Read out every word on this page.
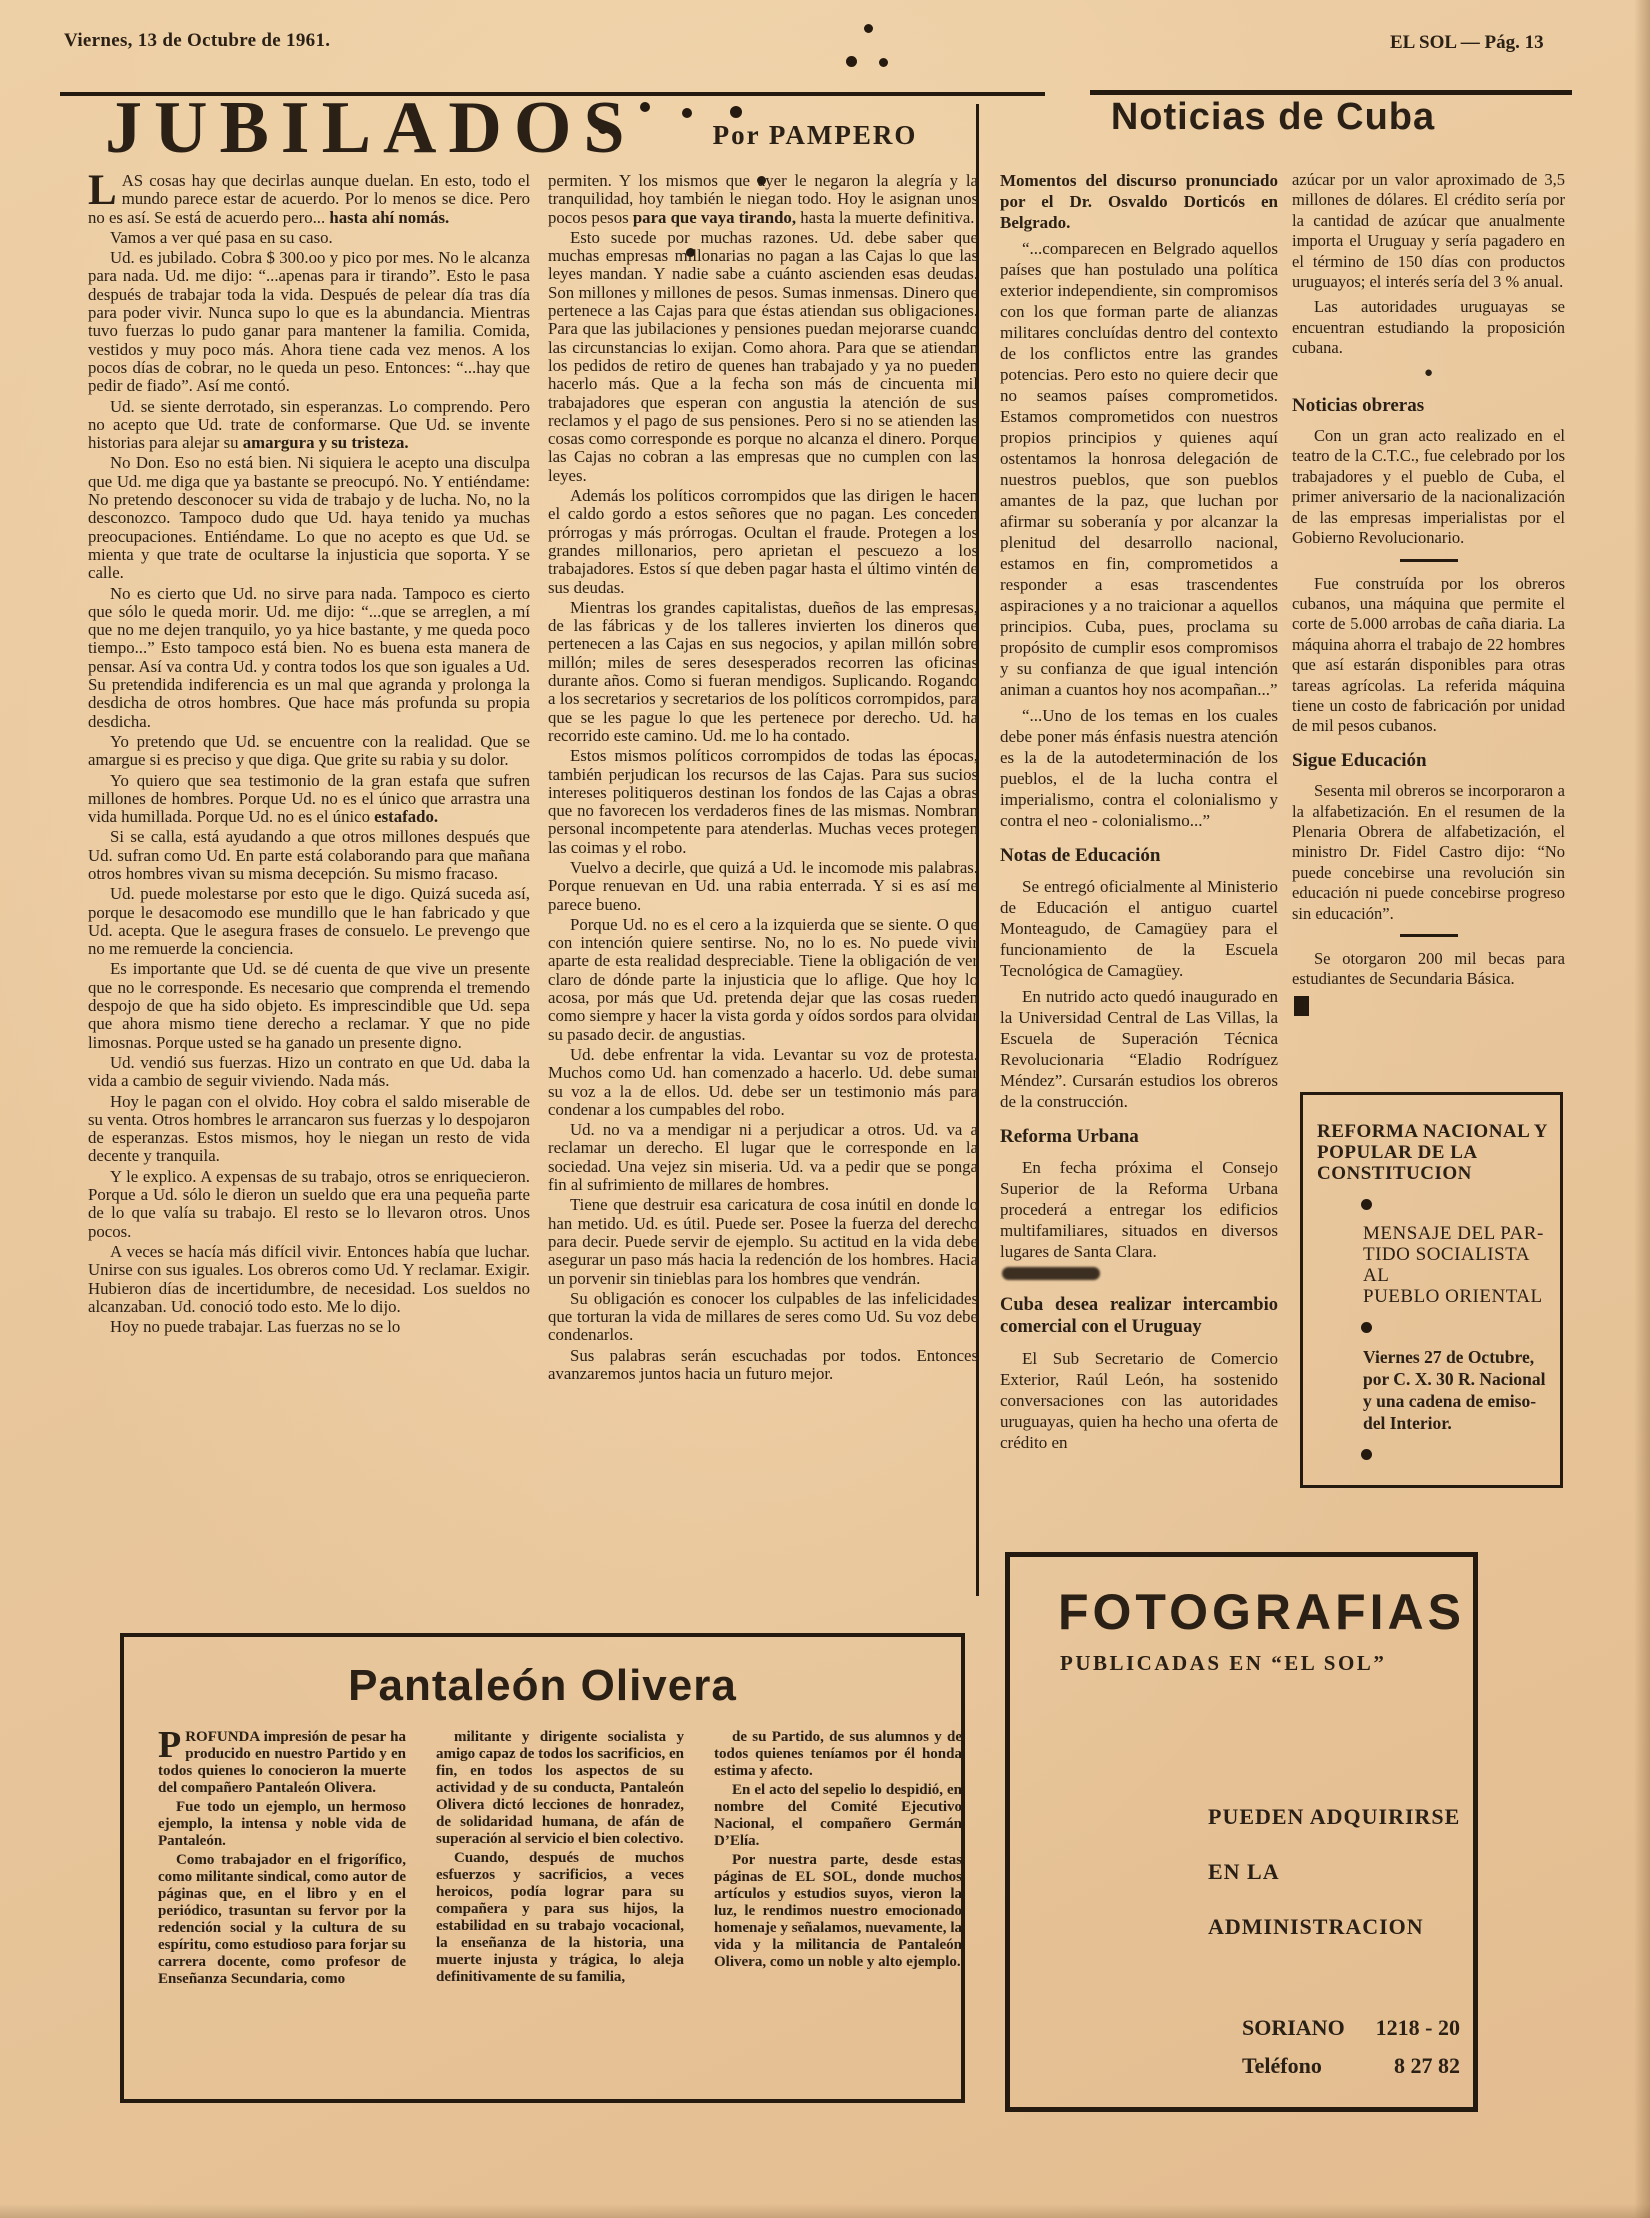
Viernes, 13 de Octubre de 1961.	EL SOL — Pág. 13
JUBILADOS	Por PAMPERO

LAS cosas hay que decirlas aunque duelan. En esto, todo el mundo parece estar de acuerdo. Por lo menos se dice. Pero no es así. Se está de acuerdo pero... hasta ahí nomás.

Vamos a ver qué pasa en su caso.

Ud. es jubilado. Cobra $ 300.oo y pico por mes. No le alcanza para nada. Ud. me dijo: “...apenas para ir tirando”. Esto le pasa después de trabajar toda la vida. Después de pelear día tras día para poder vivir. Nunca supo lo que es la abundancia. Mientras tuvo fuerzas lo pudo ganar para mantener la familia. Comida, vestidos y muy poco más. Ahora tiene cada vez menos. A los pocos días de cobrar, no le queda un peso. Entonces: “...hay que pedir de fiado”. Así me contó.

Ud. se siente derrotado, sin esperanzas. Lo comprendo. Pero no acepto que Ud. trate de conformarse. Que Ud. se invente historias para alejar su amargura y su tristeza.

No Don. Eso no está bien. Ni siquiera le acepto una disculpa que Ud. me diga que ya bastante se preocupó. No. Y entiéndame: No pretendo desconocer su vida de trabajo y de lucha. No, no la desconozco. Tampoco dudo que Ud. haya tenido ya muchas preocupaciones. Entiéndame. Lo que no acepto es que Ud. se mienta y que trate de ocultarse la injusticia que soporta. Y se calle.

No es cierto que Ud. no sirve para nada. Tampoco es cierto que sólo le queda morir. Ud. me dijo: “...que se arreglen, a mí que no me dejen tranquilo, yo ya hice bastante, y me queda poco tiempo...” Esto tampoco está bien. No es buena esta manera de pensar. Así va contra Ud. y contra todos los que son iguales a Ud. Su pretendida indiferencia es un mal que agranda y prolonga la desdicha de otros hombres. Que hace más profunda su propia desdicha.

Yo pretendo que Ud. se encuentre con la realidad. Que se amargue si es preciso y que diga. Que grite su rabia y su dolor.

Yo quiero que sea testimonio de la gran estafa que sufren millones de hombres. Porque Ud. no es el único que arrastra una vida humillada. Porque Ud. no es el único estafado.

Si se calla, está ayudando a que otros millones después que Ud. sufran como Ud. En parte está colaborando para que mañana otros hombres vivan su misma decepción. Su mismo fracaso.

Ud. puede molestarse por esto que le digo. Quizá suceda así, porque le desacomodo ese mundillo que le han fabricado y que Ud. acepta. Que le asegura frases de consuelo. Le prevengo que no me remuerde la conciencia.

Es importante que Ud. se dé cuenta de que vive un presente que no le corresponde. Es necesario que comprenda el tremendo despojo de que ha sido objeto. Es imprescindible que Ud. sepa que ahora mismo tiene derecho a reclamar. Y que no pide limosnas. Porque usted se ha ganado un presente digno.

Ud. vendió sus fuerzas. Hizo un contrato en que Ud. daba la vida a cambio de seguir viviendo. Nada más.

Hoy le pagan con el olvido. Hoy cobra el saldo miserable de su venta. Otros hombres le arrancaron sus fuerzas y lo despojaron de esperanzas. Estos mismos, hoy le niegan un resto de vida decente y tranquila.

Y le explico. A expensas de su trabajo, otros se enriquecieron. Porque a Ud. sólo le dieron un sueldo que era una pequeña parte de lo que valía su trabajo. El resto se lo llevaron otros. Unos pocos.

A veces se hacía más difícil vivir. Entonces había que luchar. Unirse con sus iguales. Los obreros como Ud. Y reclamar. Exigir. Hubieron días de incertidumbre, de necesidad. Los sueldos no alcanzaban. Ud. conoció todo esto. Me lo dijo.

Hoy no puede trabajar. Las fuerzas no se lo

permiten. Y los mismos que ayer le negaron la alegría y la tranquilidad, hoy también le niegan todo. Hoy le asignan unos pocos pesos para que vaya tirando, hasta la muerte definitiva.

Esto sucede por muchas razones. Ud. debe saber que muchas empresas millonarias no pagan a las Cajas lo que las leyes mandan. Y nadie sabe a cuánto ascienden esas deudas. Son millones y millones de pesos. Sumas inmensas. Dinero que pertenece a las Cajas para que éstas atiendan sus obligaciones. Para que las jubilaciones y pensiones puedan mejorarse cuando las circunstancias lo exijan. Como ahora. Para que se atiendan los pedidos de retiro de quenes han trabajado y ya no pueden hacerlo más. Que a la fecha son más de cincuenta mil trabajadores que esperan con angustia la atención de sus reclamos y el pago de sus pensiones. Pero si no se atienden las cosas como corresponde es porque no alcanza el dinero. Porque las Cajas no cobran a las empresas que no cumplen con las leyes.

Además los políticos corrompidos que las dirigen le hacen el caldo gordo a estos señores que no pagan. Les conceden prórrogas y más prórrogas. Ocultan el fraude. Protegen a los grandes millonarios, pero aprietan el pescuezo a los trabajadores. Estos sí que deben pagar hasta el último vintén de sus deudas.

Mientras los grandes capitalistas, dueños de las empresas, de las fábricas y de los talleres invierten los dineros que pertenecen a las Cajas en sus negocios, y apilan millón sobre millón; miles de seres desesperados recorren las oficinas durante años. Como si fueran mendigos. Suplicando. Rogando a los secretarios y secretarios de los políticos corrompidos, para que se les pague lo que les pertenece por derecho. Ud. ha recorrido este camino. Ud. me lo ha contado.

Estos mismos políticos corrompidos de todas las épocas, también perjudican los recursos de las Cajas. Para sus sucios intereses politiqueros destinan los fondos de las Cajas a obras que no favorecen los verdaderos fines de las mismas. Nombran personal incompetente para atenderlas. Muchas veces protegen las coimas y el robo.

Vuelvo a decirle, que quizá a Ud. le incomode mis palabras. Porque renuevan en Ud. una rabia enterrada. Y si es así me parece bueno.

Porque Ud. no es el cero a la izquierda que se siente. O que con intención quiere sentirse. No, no lo es. No puede vivir aparte de esta realidad despreciable. Tiene la obligación de ver claro de dónde parte la injusticia que lo aflige. Que hoy lo acosa, por más que Ud. pretenda dejar que las cosas rueden como siempre y hacer la vista gorda y oídos sordos para olvidar su pasado decir. de angustias.

Ud. debe enfrentar la vida. Levantar su voz de protesta. Muchos como Ud. han comenzado a hacerlo. Ud. debe sumar su voz a la de ellos. Ud. debe ser un testimonio más para condenar a los cumpables del robo.

Ud. no va a mendigar ni a perjudicar a otros. Ud. va a reclamar un derecho. El lugar que le corresponde en la sociedad. Una vejez sin miseria. Ud. va a pedir que se ponga fin al sufrimiento de millares de hombres.

Tiene que destruir esa caricatura de cosa inútil en donde lo han metido. Ud. es útil. Puede ser. Posee la fuerza del derecho para decir. Puede servir de ejemplo. Su actitud en la vida debe asegurar un paso más hacia la redención de los hombres. Hacia un porvenir sin tinieblas para los hombres que vendrán.

Su obligación es conocer los culpables de las infelicidades que torturan la vida de millares de seres como Ud. Su voz debe condenarlos.

Sus palabras serán escuchadas por todos. Entonces avanzaremos juntos hacia un futuro mejor.

Noticias de Cuba

Momentos del discurso pronunciado por el Dr. Osvaldo Dorticós en Belgrado.

“...comparecen en Belgrado aquellos países que han postulado una política exterior independiente, sin compromisos con los que forman parte de alianzas militares concluídas dentro del contexto de los conflictos entre las grandes potencias. Pero esto no quiere decir que no seamos países comprometidos. Estamos comprometidos con nuestros propios principios y quienes aquí ostentamos la honrosa delegación de nuestros pueblos, que son pueblos amantes de la paz, que luchan por afirmar su soberanía y por alcanzar la plenitud del desarrollo nacional, estamos en fin, comprometidos a responder a esas trascendentes aspiraciones y a no traicionar a aquellos principios. Cuba, pues, proclama su propósito de cumplir esos compromisos y su confianza de que igual intención animan a cuantos hoy nos acompañan...”

“...Uno de los temas en los cuales debe poner más énfasis nuestra atención es la de la autodeterminación de los pueblos, el de la lucha contra el imperialismo, contra el colonialismo y contra el neo - colonialismo...”

Notas de Educación

Se entregó oficialmente al Ministerio de Educación el antiguo cuartel Monteagudo, de Camagüey para el funcionamiento de la Escuela Tecnológica de Camagüey.

En nutrido acto quedó inaugurado en la Universidad Central de Las Villas, la Escuela de Superación Técnica Revolucionaria “Eladio Rodríguez Méndez”. Cursarán estudios los obreros de la construcción.

Reforma Urbana

En fecha próxima el Consejo Superior de la Reforma Urbana procederá a entregar los edificios multifamiliares, situados en diversos lugares de Santa Clara.

Cuba desea realizar intercambio comercial con el Uruguay

El Sub Secretario de Comercio Exterior, Raúl León, ha sostenido conversaciones con las autoridades uruguayas, quien ha hecho una oferta de crédito en

azúcar por un valor aproximado de 3,5 millones de dólares. El crédito sería por la cantidad de azúcar que anualmente importa el Uruguay y sería pagadero en el término de 150 días con productos uruguayos; el interés sería del 3 % anual.

Las autoridades uruguayas se encuentran estudiando la proposición cubana.

●
Noticias obreras

Con un gran acto realizado en el teatro de la C.T.C., fue celebrado por los trabajadores y el pueblo de Cuba, el primer aniversario de la nacionalización de las empresas imperialistas por el Gobierno Revolucionario.

Fue construída por los obreros cubanos, una máquina que permite el corte de 5.000 arrobas de caña diaria. La máquina ahorra el trabajo de 22 hombres que así estarán disponibles para otras tareas agrícolas. La referida máquina tiene un costo de fabricación por unidad de mil pesos cubanos.

Sigue Educación

Sesenta mil obreros se incorporaron a la alfabetización. En el resumen de la Plenaria Obrera de alfabetización, el ministro Dr. Fidel Castro dijo: “No puede concebirse una revolución sin educación ni puede concebirse progreso sin educación”.

Se otorgaron 200 mil becas para estudiantes de Secundaria Básica.

REFORMA NACIONAL Y
POPULAR DE LA
CONSTITUCION
MENSAJE DEL PAR-
TIDO SOCIALISTA AL
PUEBLO ORIENTAL
Viernes 27 de Octubre,
por C. X. 30 R. Nacional
y una cadena de emiso-
del Interior.
Pantaleón Olivera

PROFUNDA impresión de pesar ha producido en nuestro Partido y en todos quienes lo conocieron la muerte del compañero Pantaleón Olivera.

Fue todo un ejemplo, un hermoso ejemplo, la intensa y noble vida de Pantaleón.

Como trabajador en el frigorífico, como militante sindical, como autor de páginas que, en el libro y en el periódico, trasuntan su fervor por la redención social y la cultura de su espíritu, como estudioso para forjar su carrera docente, como profesor de Enseñanza Secundaria, como

militante y dirigente socialista y amigo capaz de todos los sacrificios, en fin, en todos los aspectos de su actividad y de su conducta, Pantaleón Olivera dictó lecciones de honradez, de solidaridad humana, de afán de superación al servicio el bien colectivo.

Cuando, después de muchos esfuerzos y sacrificios, a veces heroicos, podía lograr para su compañera y para sus hijos, la estabilidad en su trabajo vocacional, la enseñanza de la historia, una muerte injusta y trágica, lo aleja definitivamente de su familia,

de su Partido, de sus alumnos y de todos quienes teníamos por él honda estima y afecto.

En el acto del sepelio lo despidió, en nombre del Comité Ejecutivo Nacional, el compañero Germán D’Elía.

Por nuestra parte, desde estas páginas de EL SOL, donde muchos artículos y estudios suyos, vieron la luz, le rendimos nuestro emocionado homenaje y señalamos, nuevamente, la vida y la militancia de Pantaleón Olivera, como un noble y alto ejemplo.

FOTOGRAFIAS
PUBLICADAS EN “EL SOL”

PUEDEN ADQUIRIRSE

EN LA

ADMINISTRACION

SORIANO 1218 - 20
Teléfono	8 27 82
